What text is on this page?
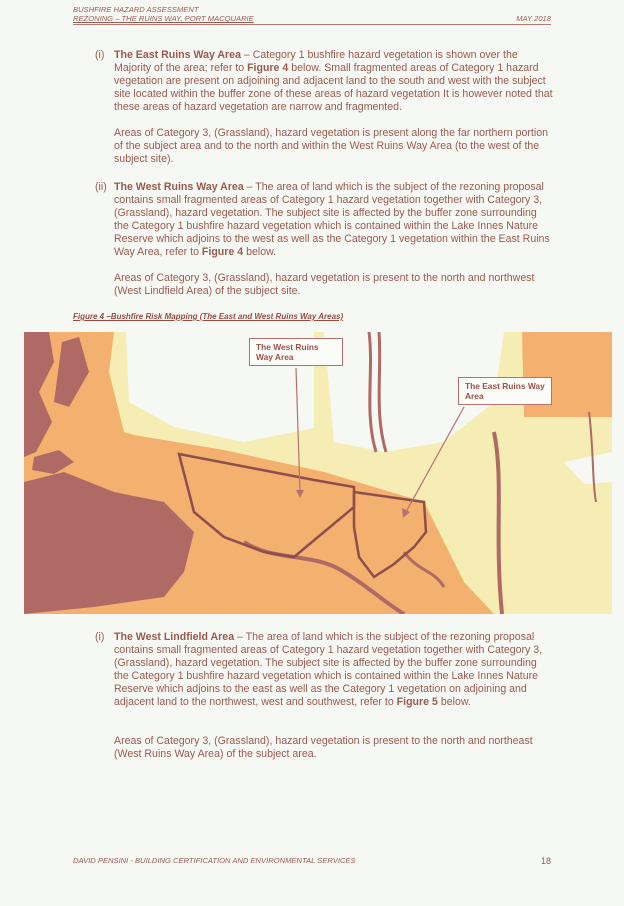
BUSHFIRE HAZARD ASSESSMENT
REZONING – THE RUINS WAY, PORT MACQUARIE	MAY 2018
(i) The East Ruins Way Area – Category 1 bushfire hazard vegetation is shown over the Majority of the area; refer to Figure 4 below. Small fragmented areas of Category 1 hazard vegetation are present on adjoining and adjacent land to the south and west with the subject site located within the buffer zone of these areas of hazard vegetation It is however noted that these areas of hazard vegetation are narrow and fragmented.

Areas of Category 3, (Grassland), hazard vegetation is present along the far northern portion of the subject area and to the north and within the West Ruins Way Area (to the west of the subject site).

(ii) The West Ruins Way Area – The area of land which is the subject of the rezoning proposal contains small fragmented areas of Category 1 hazard vegetation together with Category 3, (Grassland), hazard vegetation. The subject site is affected by the buffer zone surrounding the Category 1 bushfire hazard vegetation which is contained within the Lake Innes Nature Reserve which adjoins to the west as well as the Category 1 vegetation within the East Ruins Way Area, refer to Figure 4 below.

Areas of Category 3, (Grassland), hazard vegetation is present to the north and northwest (West Lindfield Area) of the subject site.

Figure 4 –Bushfire Risk Mapping (The East and West Ruins Way Areas)
The West Ruins Way Area
The East Ruins Way Area
(i) The West Lindfield Area – The area of land which is the subject of the rezoning proposal contains small fragmented areas of Category 1 hazard vegetation together with Category 3, (Grassland), hazard vegetation. The subject site is affected by the buffer zone surrounding the Category 1 bushfire hazard vegetation which is contained within the Lake Innes Nature Reserve which adjoins to the east as well as the Category 1 vegetation on adjoining and adjacent land to the northwest, west and southwest, refer to Figure 5 below.

Areas of Category 3, (Grassland), hazard vegetation is present to the north and northeast (West Ruins Way Area) of the subject area.

DAVID PENSINI - BUILDING CERTIFICATION AND ENVIRONMENTAL SERVICES	18
